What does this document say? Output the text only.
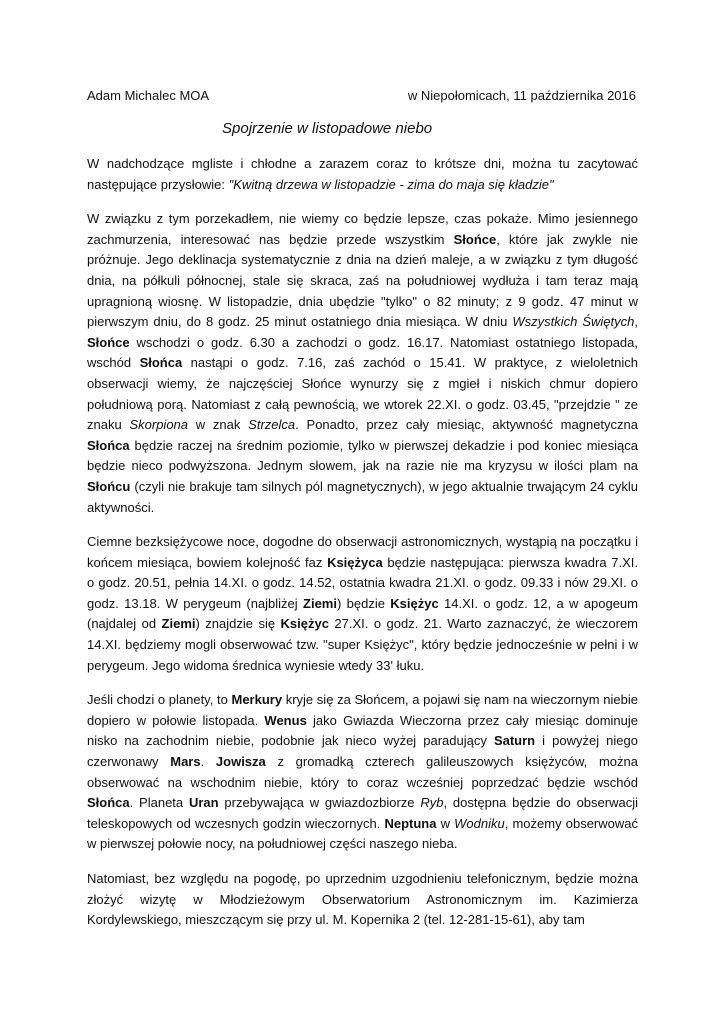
Adam Michalec MOA	w Niepołomicach, 11 października 2016
Spojrzenie w listopadowe niebo

W nadchodzące mgliste i chłodne a zarazem coraz to krótsze dni, można tu zacytować następujące przysłowie: "Kwitną drzewa w listopadzie - zima do maja się kładzie"

W związku z tym porzekadłem, nie wiemy co będzie lepsze, czas pokaże. Mimo jesiennego zachmurzenia, interesować nas będzie przede wszystkim Słońce, które jak zwykle nie próżnuje. Jego deklinacja systematycznie z dnia na dzień maleje, a w związku z tym długość dnia, na półkuli północnej, stale się skraca, zaś na południowej wydłuża i tam teraz mają upragnioną wiosnę. W listopadzie, dnia ubędzie "tylko" o 82 minuty; z 9 godz. 47 minut w pierwszym dniu, do 8 godz. 25 minut ostatniego dnia miesiąca. W dniu Wszystkich Świętych, Słońce wschodzi o godz. 6.30 a zachodzi o godz. 16.17. Natomiast ostatniego listopada, wschód Słońca nastąpi o godz. 7.16, zaś zachód o 15.41. W praktyce, z wieloletnich obserwacji wiemy, że najczęściej Słońce wynurzy się z mgieł i niskich chmur dopiero południową porą. Natomiast z całą pewnością, we wtorek 22.XI. o godz. 03.45, "przejdzie " ze znaku Skorpiona w znak Strzelca. Ponadto, przez cały miesiąc, aktywność magnetyczna Słońca będzie raczej na średnim poziomie, tylko w pierwszej dekadzie i pod koniec miesiąca będzie nieco podwyższona. Jednym słowem, jak na razie nie ma kryzysu w ilości plam na Słońcu (czyli nie brakuje tam silnych pól magnetycznych), w jego aktualnie trwającym 24 cyklu aktywności.

Ciemne bezksiężycowe noce, dogodne do obserwacji astronomicznych, wystąpią na początku i końcem miesiąca, bowiem kolejność faz Księżyca będzie następująca: pierwsza kwadra 7.XI. o godz. 20.51, pełnia 14.XI. o godz. 14.52, ostatnia kwadra 21.XI. o godz. 09.33 i nów 29.XI. o godz. 13.18. W perygeum (najbliżej Ziemi) będzie Księżyc 14.XI. o godz. 12, a w apogeum (najdalej od Ziemi) znajdzie się Księżyc 27.XI. o godz. 21. Warto zaznaczyć, że wieczorem 14.XI. będziemy mogli obserwować tzw. "super Księżyc", który będzie jednocześnie w pełni i w perygeum. Jego widoma średnica wyniesie wtedy 33' łuku.

Jeśli chodzi o planety, to Merkury kryje się za Słońcem, a pojawi się nam na wieczornym niebie dopiero w połowie listopada. Wenus jako Gwiazda Wieczorna przez cały miesiąc dominuje nisko na zachodnim niebie, podobnie jak nieco wyżej paradujący Saturn i powyżej niego czerwonawy Mars. Jowisza z gromadką czterech galileuszowych księżyców, można obserwować na wschodnim niebie, który to coraz wcześniej poprzedzać będzie wschód Słońca. Planeta Uran przebywająca w gwiazdozbiorze Ryb, dostępna będzie do obserwacji teleskopowych od wczesnych godzin wieczornych. Neptuna w Wodniku, możemy obserwować w pierwszej połowie nocy, na południowej części naszego nieba.

Natomiast, bez względu na pogodę, po uprzednim uzgodnieniu telefonicznym, będzie można złożyć wizytę w Młodzieżowym Obserwatorium Astronomicznym im. Kazimierza Kordylewskiego, mieszczącym się przy ul. M. Kopernika 2 (tel. 12-281-15-61), aby tam
